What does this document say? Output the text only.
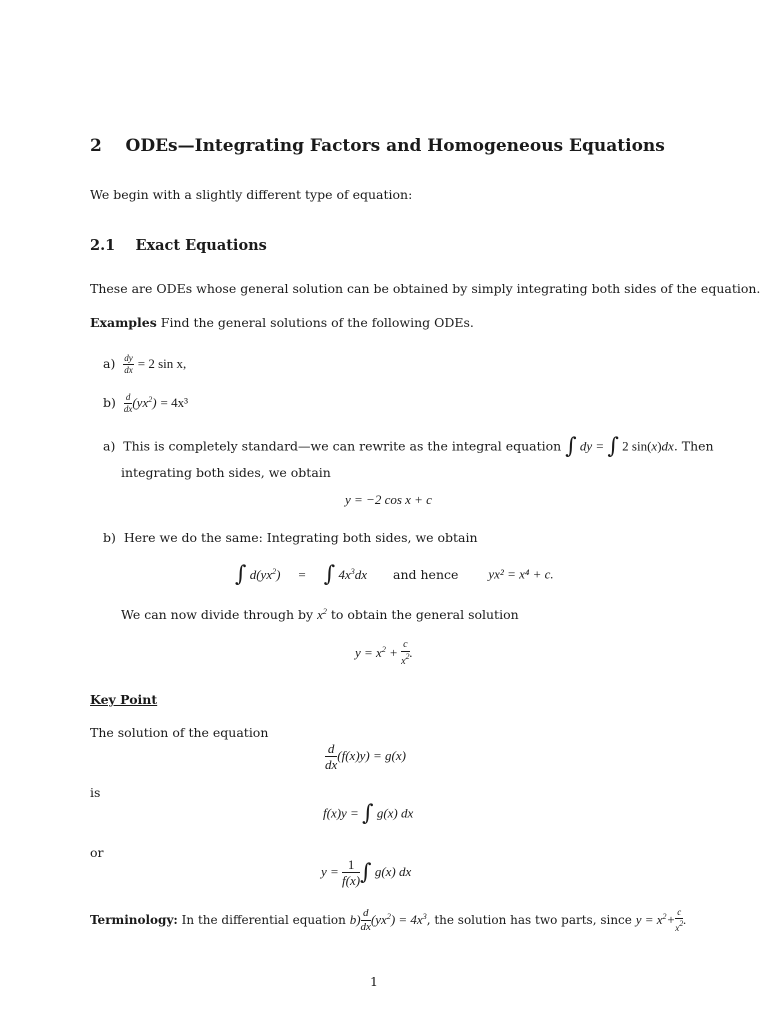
2 ODEs—Integrating Factors and Homogeneous Equations
We begin with a slightly different type of equation:
2.1 Exact Equations
These are ODEs whose general solution can be obtained by simply integrating both sides of the equation.
Examples Find the general solutions of the following ODEs.
$a) \frac{dy}{dx} = 2$ sin x,
$b) \frac{d}{dx} (yx^2) = 4x^3$
a) This is completely standard—we can rewrite as the integral equation ∫ dy = ∫ 2 sin(x)dx. Then
integrating both sides, we obtain
y = −2 cos x + c
b) Here we do the same: Integrating both sides, we obtain
∫ $d(yx^2)$ = ∫ $4x^3dx$ and hence yx² = x⁴ + c.
We can now divide through by $x^2$ to obtain the general solution
$y = x^2 + \frac{c}{x^2}$ .
Key Point
The solution of the equation
$\frac{d}{dx} (f(x)y) = g(x)$
is
f(x)y = ∫ g(x) dx
or
$y = \frac{1}{f(x)}$ ∫ g(x) dx
Terminology: In the differential equation $b) \frac{d}{dx} (yx^2) = 4x^3$, the solution has two parts, since $y = x^2+ \frac{c}{x^2}$ .
1
